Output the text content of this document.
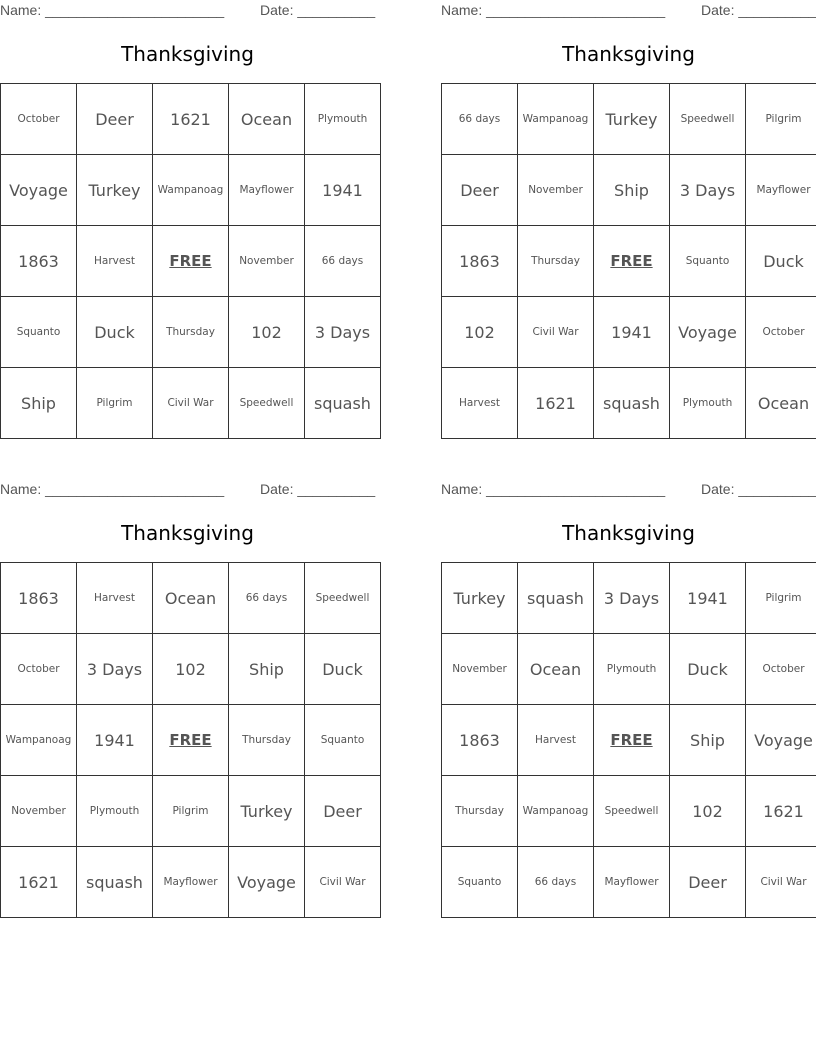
Name: _______________________	Date: __________
Thanksgiving
October	Deer	1621	Ocean	Plymouth
Voyage	Turkey	Wampanoag	Mayflower	1941
1863	Harvest	FREE	November	66 days
Squanto	Duck	Thursday	102	3 Days
Ship	Pilgrim	Civil War	Speedwell	squash
Name: _______________________	Date: __________
Thanksgiving
66 days	Wampanoag	Turkey	Speedwell	Pilgrim
Deer	November	Ship	3 Days	Mayflower
1863	Thursday	FREE	Squanto	Duck
102	Civil War	1941	Voyage	October
Harvest	1621	squash	Plymouth	Ocean
Name: _______________________	Date: __________
Thanksgiving
1863	Harvest	Ocean	66 days	Speedwell
October	3 Days	102	Ship	Duck
Wampanoag	1941	FREE	Thursday	Squanto
November	Plymouth	Pilgrim	Turkey	Deer
1621	squash	Mayflower	Voyage	Civil War
Name: _______________________	Date: __________
Thanksgiving
Turkey	squash	3 Days	1941	Pilgrim
November	Ocean	Plymouth	Duck	October
1863	Harvest	FREE	Ship	Voyage
Thursday	Wampanoag	Speedwell	102	1621
Squanto	66 days	Mayflower	Deer	Civil War
